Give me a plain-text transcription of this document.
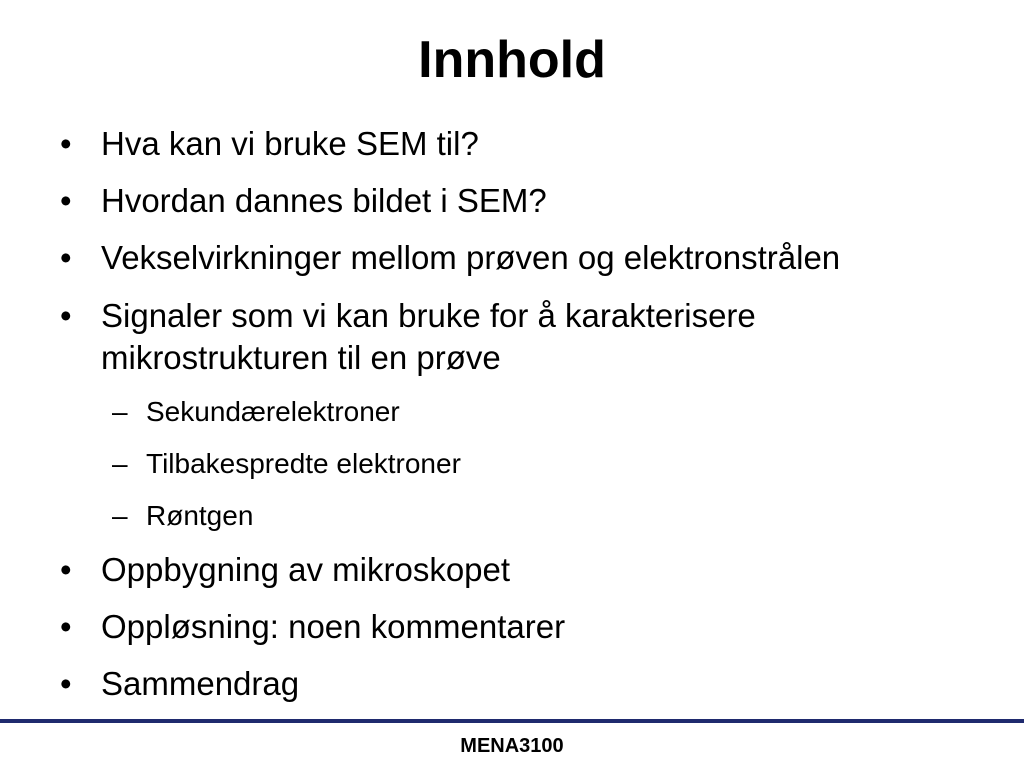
Innhold
• Hva kan vi bruke SEM til?
• Hvordan dannes bildet i SEM?
• Vekselvirkninger mellom prøven og elektronstrålen
• Signaler som vi kan bruke for å karakterisere
mikrostrukturen til en prøve
– Sekundærelektroner
– Tilbakespredte elektroner
– Røntgen
• Oppbygning av mikroskopet
• Oppløsning: noen kommentarer
• Sammendrag
MENA3100
